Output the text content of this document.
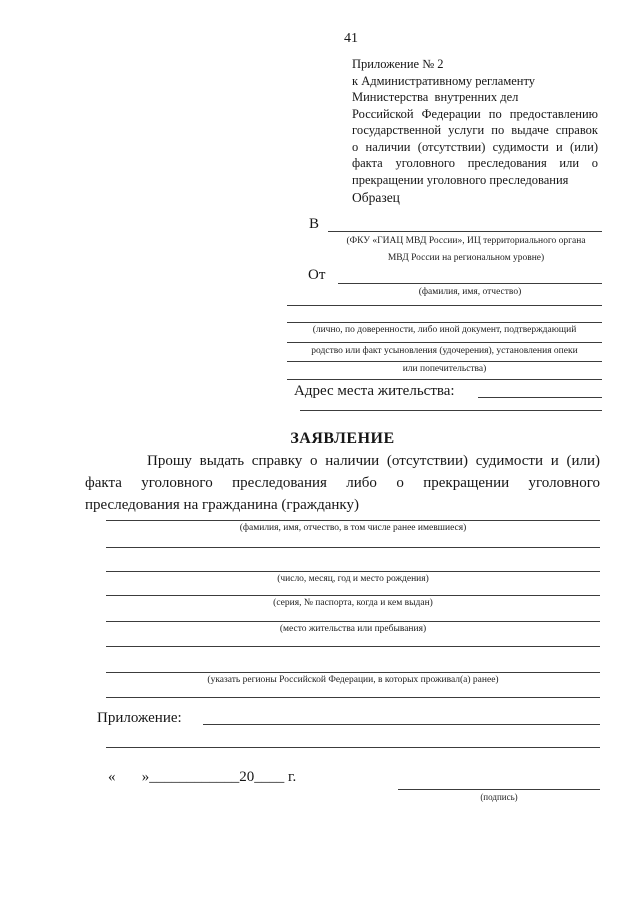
41
Приложение № 2
к Административному регламенту
Министерства  внутренних дел
Российской Федерации по предоставлению
государственной услуги по выдаче справок
о наличии (отсутствии) судимости и (или)
факта уголовного преследования или о
прекращении уголовного преследования
Образец
В
(ФКУ «ГИАЦ МВД России», ИЦ территориального органа
МВД России на региональном уровне)
От
(фамилия, имя, отчество)
(лично, по доверенности, либо иной документ, подтверждающий
родство или факт усыновления (удочерения), установления опеки
или попечительства)
Адрес места жительства:
ЗАЯВЛЕНИЕ
Прошу выдать справку о наличии (отсутствии) судимости и (или) факта уголовного преследования либо о прекращении уголовного преследования на гражданина (гражданку)
(фамилия, имя, отчество, в том числе ранее имевшиеся)
(число, месяц, год и место рождения)
(серия, № паспорта, когда и кем выдан)
(место жительства или пребывания)
(указать регионы Российской Федерации, в которых проживал(а) ранее)
Приложение:
«       »____________20____ г.
(подпись)
